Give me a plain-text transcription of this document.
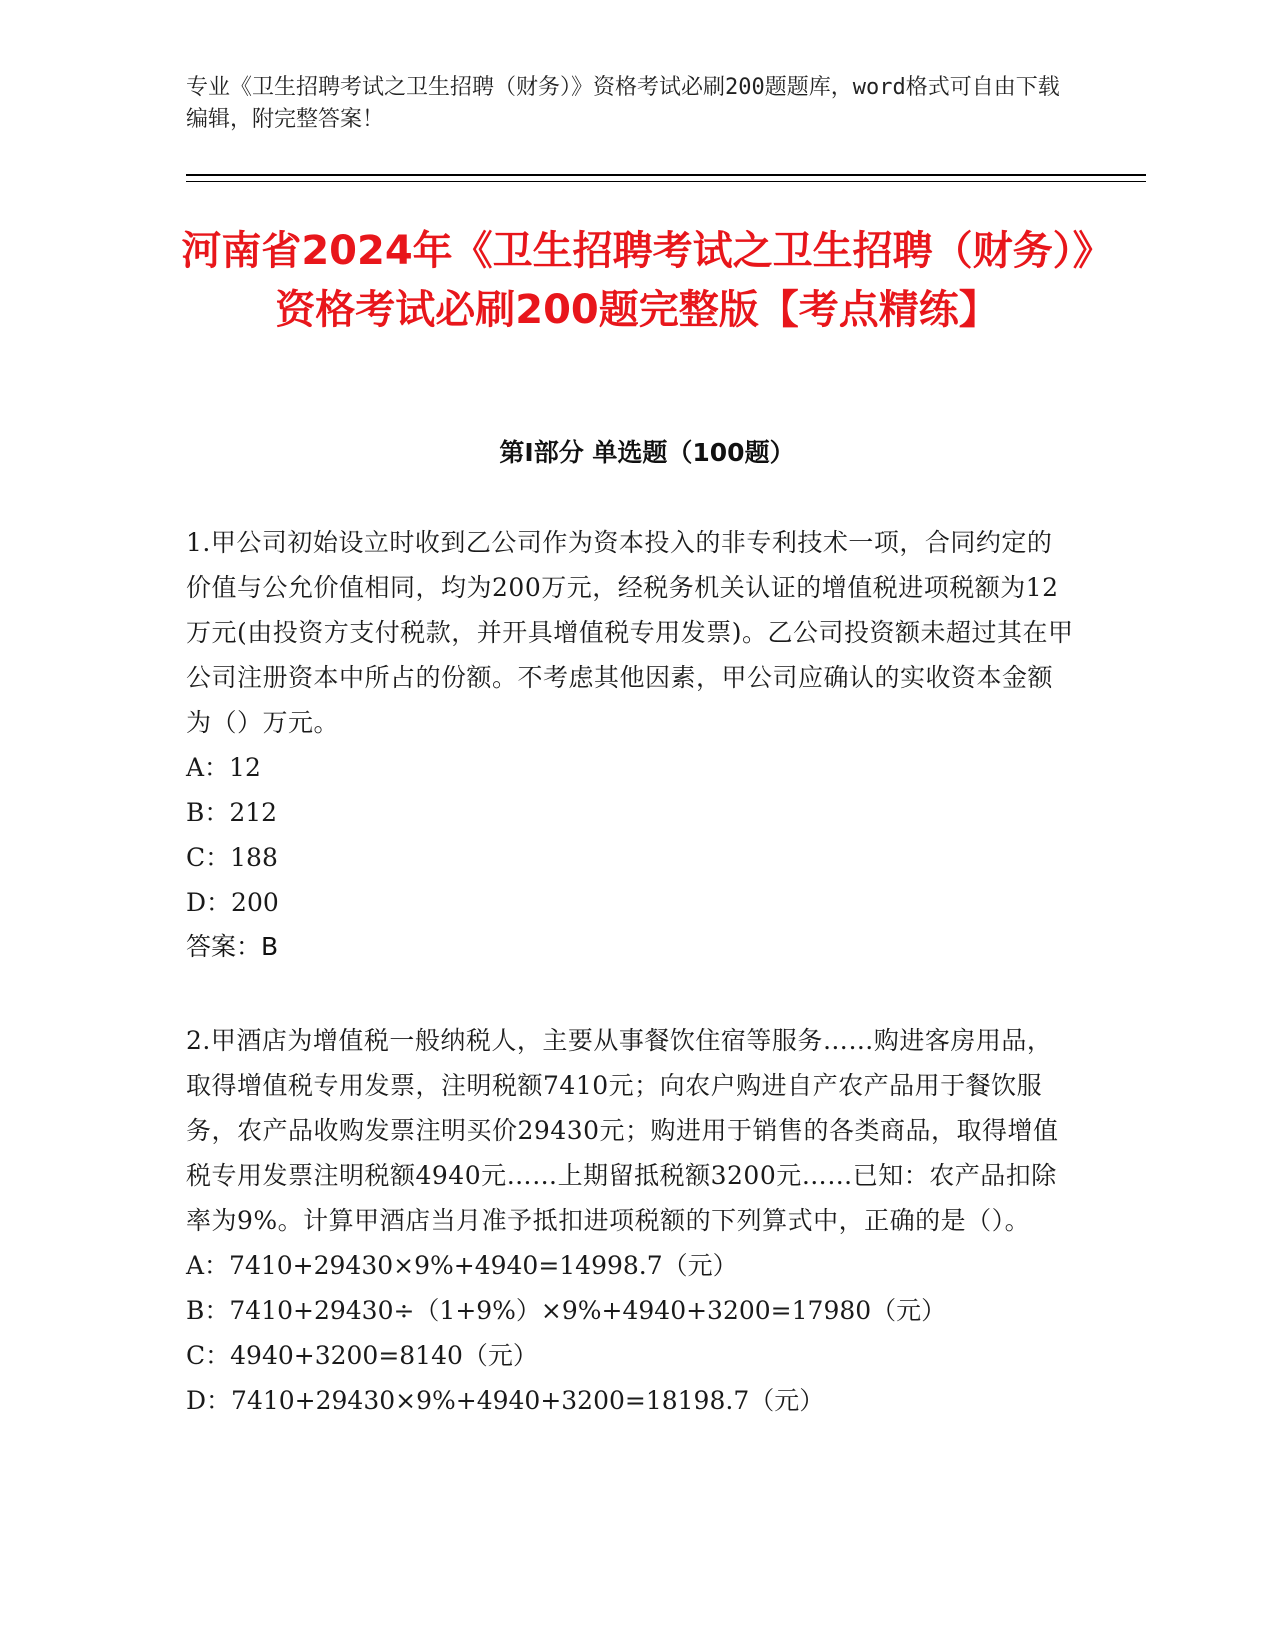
专业《卫生招聘考试之卫生招聘（财务）》资格考试必刷200题题库，word格式可自由下载编辑，附完整答案！
河南省2024年《卫生招聘考试之卫生招聘（财务）》资格考试必刷200题完整版【考点精练】
第I部分 单选题（100题）
1.甲公司初始设立时收到乙公司作为资本投入的非专利技术一项，合同约定的价值与公允价值相同，均为200万元，经税务机关认证的增值税进项税额为12万元(由投资方支付税款，并开具增值税专用发票)。乙公司投资额未超过其在甲公司注册资本中所占的份额。不考虑其他因素，甲公司应确认的实收资本金额为（）万元。
A：12
B：212
C：188
D：200
答案：B
2.甲酒店为增值税一般纳税人，主要从事餐饮住宿等服务……购进客房用品，取得增值税专用发票，注明税额7410元；向农户购进自产农产品用于餐饮服务，农产品收购发票注明买价29430元；购进用于销售的各类商品，取得增值税专用发票注明税额4940元……上期留抵税额3200元……已知：农产品扣除率为9%。计算甲酒店当月准予抵扣进项税额的下列算式中，正确的是（）。
A：7410+29430×9%+4940=14998.7（元）
B：7410+29430÷（1+9%）×9%+4940+3200=17980（元）
C：4940+3200=8140（元）
D：7410+29430×9%+4940+3200=18198.7（元）
